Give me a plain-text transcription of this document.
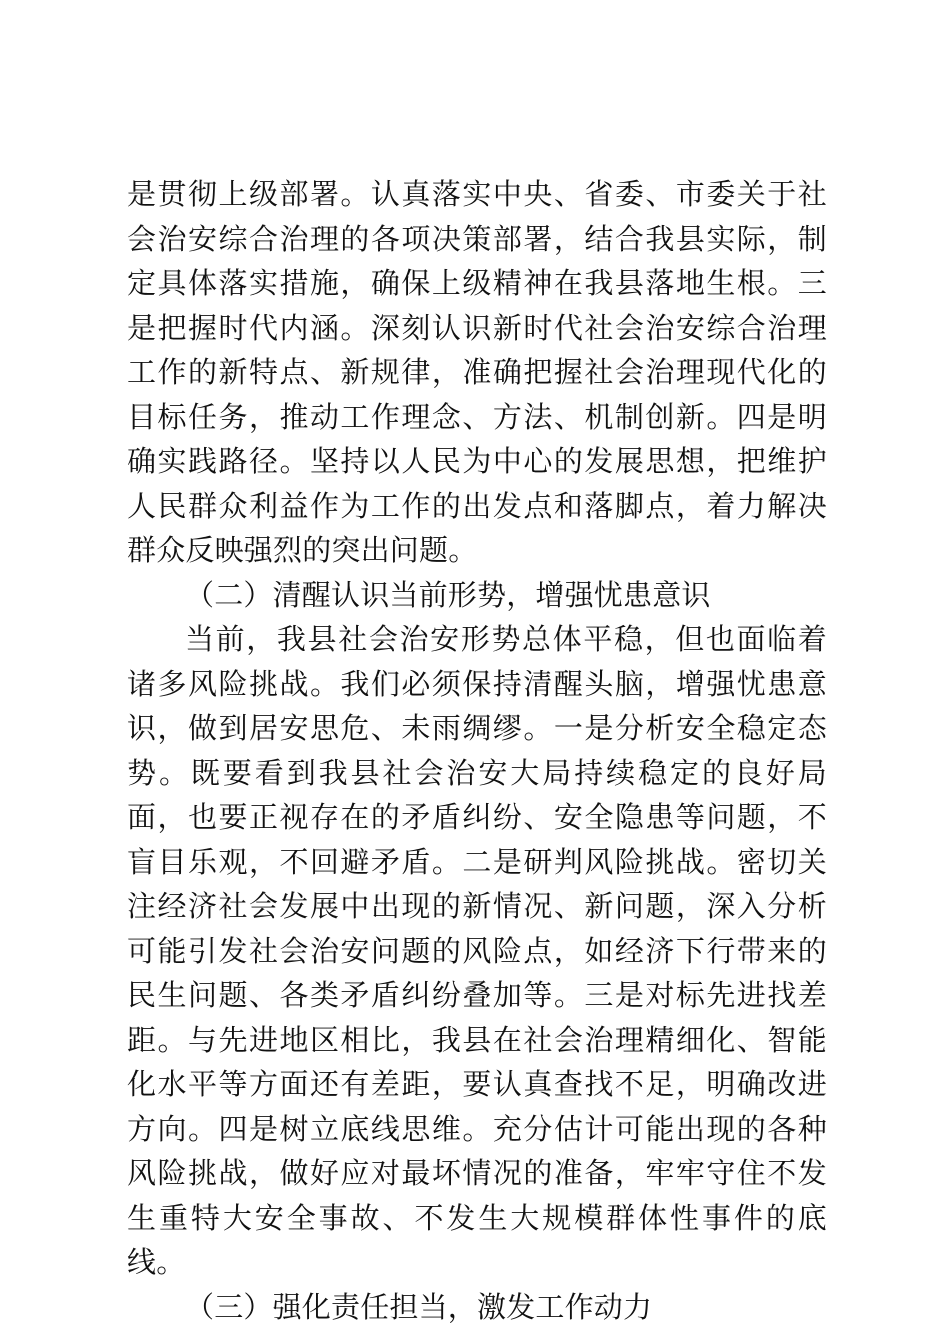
是贯彻上级部署。认真落实中央、省委、市委关于社会治安综合治理的各项决策部署，结合我县实际，制定具体落实措施，确保上级精神在我县落地生根。三是把握时代内涵。深刻认识新时代社会治安综合治理工作的新特点、新规律，准确把握社会治理现代化的目标任务，推动工作理念、方法、机制创新。四是明确实践路径。坚持以人民为中心的发展思想，把维护人民群众利益作为工作的出发点和落脚点，着力解决群众反映强烈的突出问题。

（二）清醒认识当前形势，增强忧患意识

当前，我县社会治安形势总体平稳，但也面临着诸多风险挑战。我们必须保持清醒头脑，增强忧患意识，做到居安思危、未雨绸缪。一是分析安全稳定态势。既要看到我县社会治安大局持续稳定的良好局面，也要正视存在的矛盾纠纷、安全隐患等问题，不盲目乐观，不回避矛盾。二是研判风险挑战。密切关注经济社会发展中出现的新情况、新问题，深入分析可能引发社会治安问题的风险点，如经济下行带来的民生问题、各类矛盾纠纷叠加等。三是对标先进找差距。与先进地区相比，我县在社会治理精细化、智能化水平等方面还有差距，要认真查找不足，明确改进方向。四是树立底线思维。充分估计可能出现的各种风险挑战，做好应对最坏情况的准备，牢牢守住不发生重特大安全事故、不发生大规模群体性事件的底线。

（三）强化责任担当，激发工作动力
